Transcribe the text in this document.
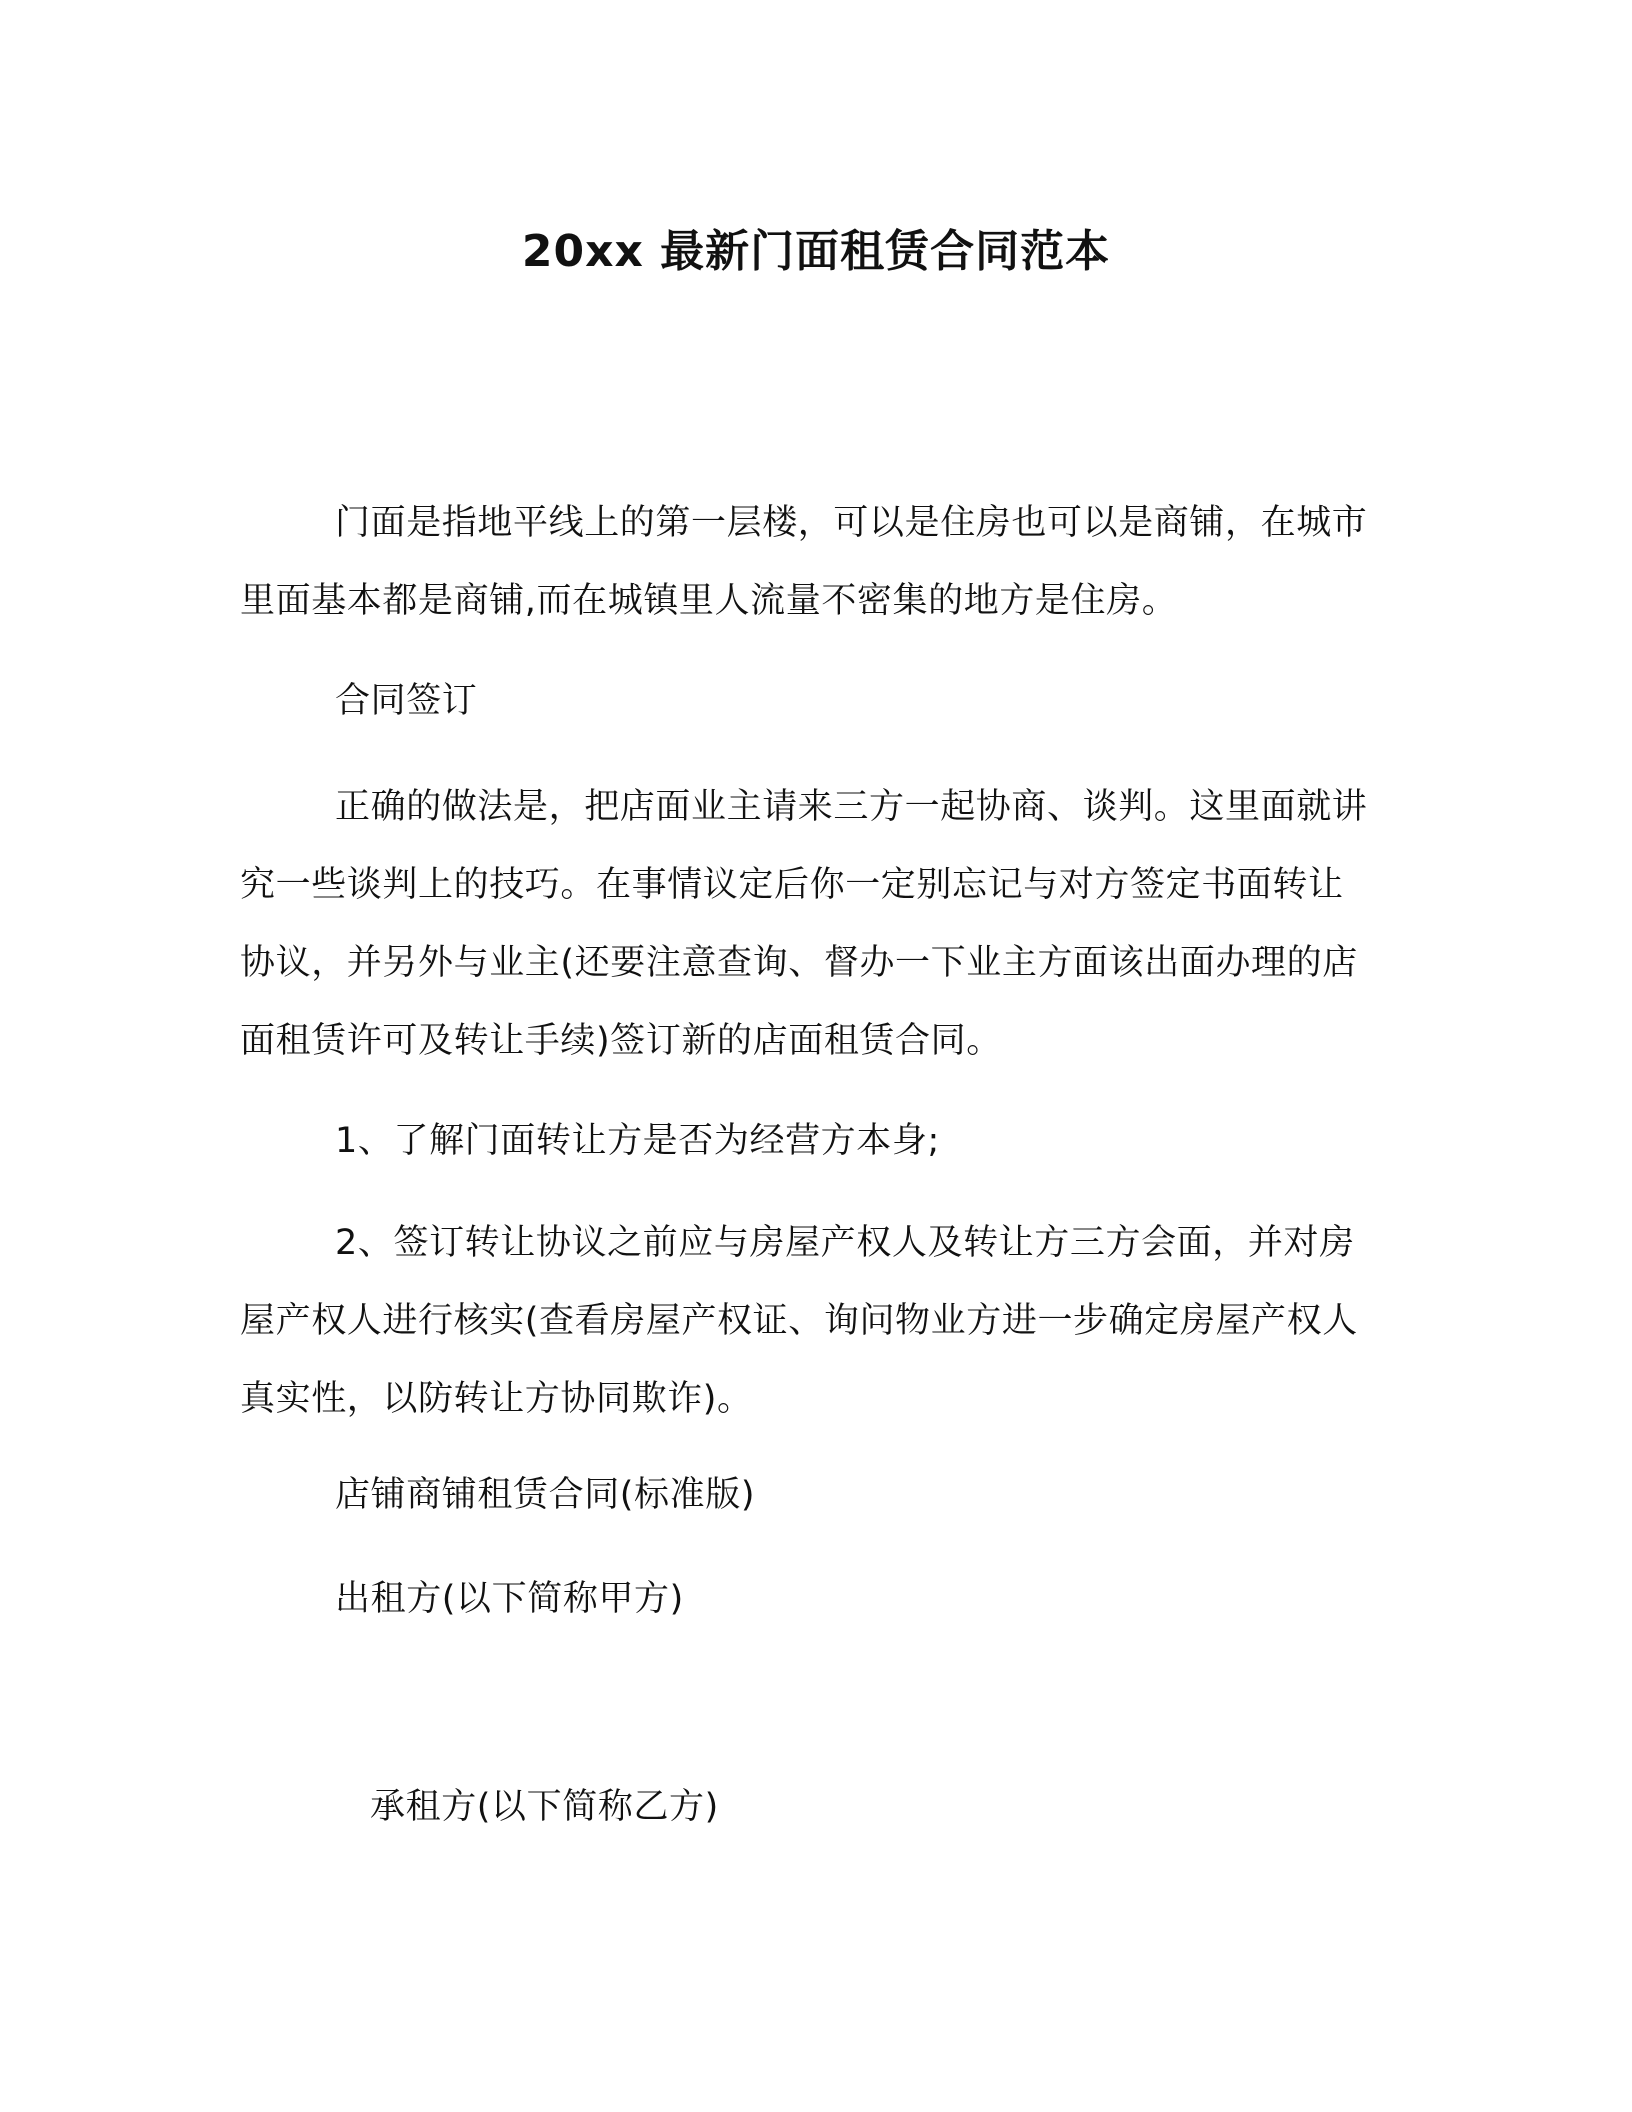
20xx 最新门面租赁合同范本

门面是指地平线上的第一层楼，可以是住房也可以是商铺，在城市里面基本都是商铺,而在城镇里人流量不密集的地方是住房。

合同签订

正确的做法是，把店面业主请来三方一起协商、谈判。这里面就讲究一些谈判上的技巧。在事情议定后你一定别忘记与对方签定书面转让协议，并另外与业主(还要注意查询、督办一下业主方面该出面办理的店面租赁许可及转让手续)签订新的店面租赁合同。

1、了解门面转让方是否为经营方本身;

2、签订转让协议之前应与房屋产权人及转让方三方会面，并对房屋产权人进行核实(查看房屋产权证、询问物业方进一步确定房屋产权人真实性，以防转让方协同欺诈)。

店铺商铺租赁合同(标准版)

出租方(以下简称甲方)

承租方(以下简称乙方)
